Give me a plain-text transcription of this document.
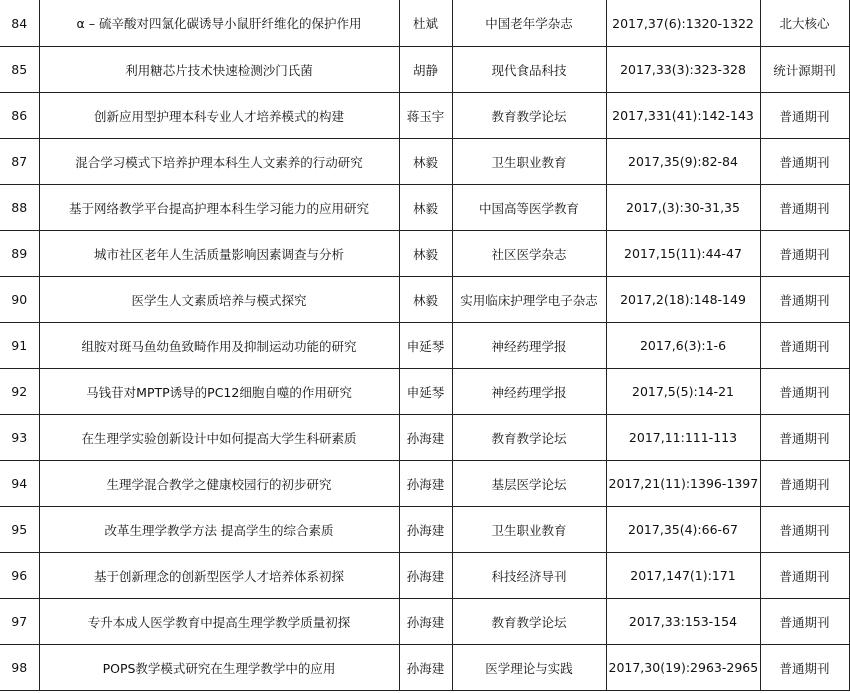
84	α – 硫辛酸对四氯化碳诱导小鼠肝纤维化的保护作用	杜斌	中国老年学杂志	2017,37(6):1320-1322	北大核心
85	利用糖芯片技术快速检测沙门氏菌	胡静	现代食品科技	2017,33(3):323-328	统计源期刊
86	创新应用型护理本科专业人才培养模式的构建	蒋玉宇	教育教学论坛	2017,331(41):142-143	普通期刊
87	混合学习模式下培养护理本科生人文素养的行动研究	林毅	卫生职业教育	2017,35(9):82-84	普通期刊
88	基于网络教学平台提高护理本科生学习能力的应用研究	林毅	中国高等医学教育	2017,(3):30-31,35	普通期刊
89	城市社区老年人生活质量影响因素调查与分析	林毅	社区医学杂志	2017,15(11):44-47	普通期刊
90	医学生人文素质培养与模式探究	林毅	实用临床护理学电子杂志	2017,2(18):148-149	普通期刊
91	组胺对斑马鱼幼鱼致畸作用及抑制运动功能的研究	申延琴	神经药理学报	2017,6(3):1-6	普通期刊
92	马钱苷对MPTP诱导的PC12细胞自噬的作用研究	申延琴	神经药理学报	2017,5(5):14-21	普通期刊
93	在生理学实验创新设计中如何提高大学生科研素质	孙海建	教育教学论坛	2017,11:111-113	普通期刊
94	生理学混合教学之健康校园行的初步研究	孙海建	基层医学论坛	2017,21(11):1396-1397	普通期刊
95	改革生理学教学方法 提高学生的综合素质	孙海建	卫生职业教育	2017,35(4):66-67	普通期刊
96	基于创新理念的创新型医学人才培养体系初探	孙海建	科技经济导刊	2017,147(1):171	普通期刊
97	专升本成人医学教育中提高生理学教学质量初探	孙海建	教育教学论坛	2017,33:153-154	普通期刊
98	POPS教学模式研究在生理学教学中的应用	孙海建	医学理论与实践	2017,30(19):2963-2965	普通期刊
